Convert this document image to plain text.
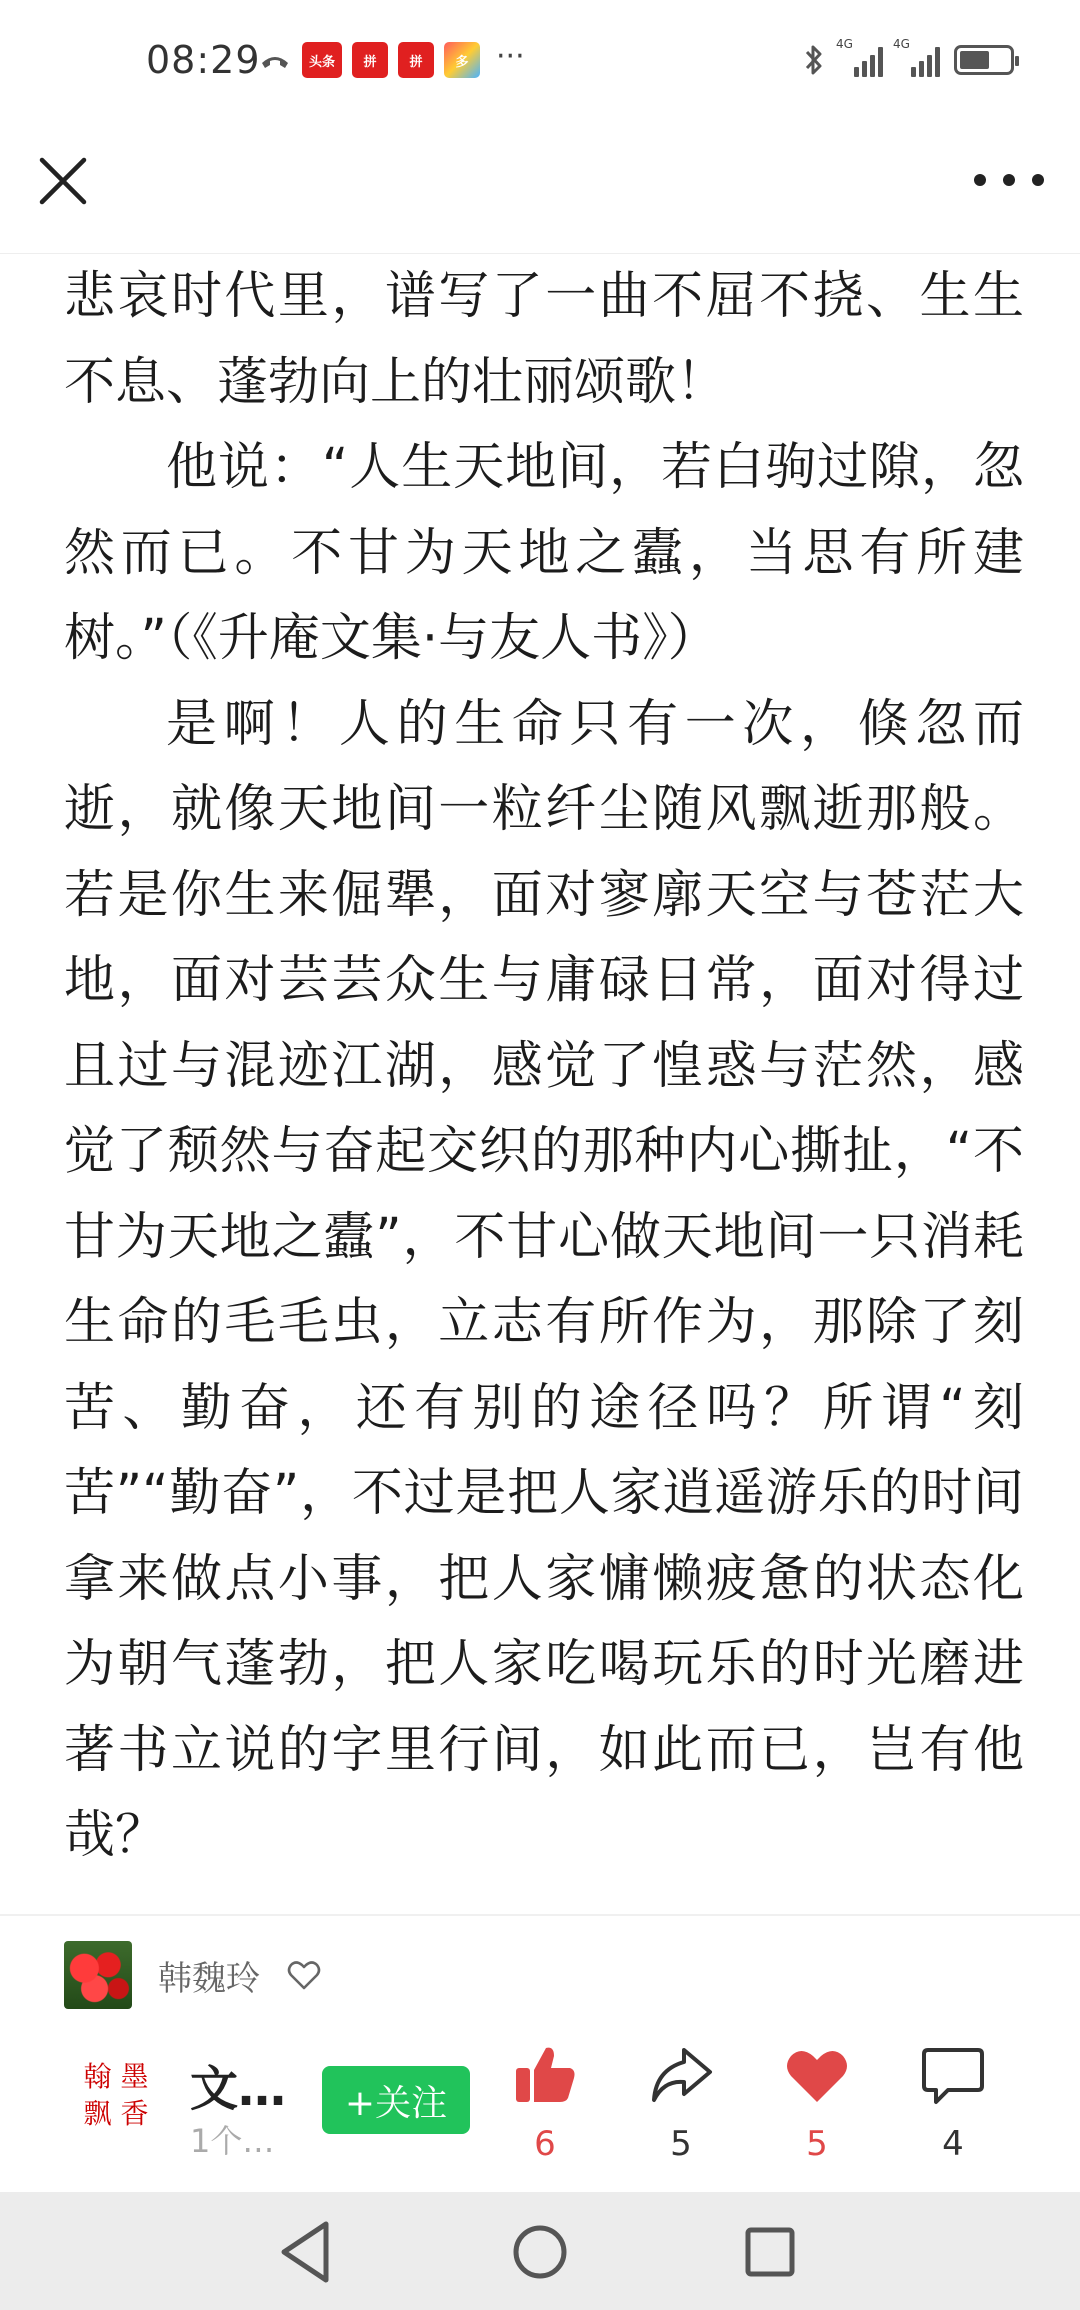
08:29	头条	拼	拼	多 ···	4G	4G

悲哀时代里，谱写了一曲不屈不挠、生生不息、蓬勃向上的壮丽颂歌！

他说：“人生天地间，若白驹过隙，忽然而已。不甘为天地之蠹，当思有所建树。”（《升庵文集·与友人书》）

是啊！人的生命只有一次，倏忽而逝，就像天地间一粒纤尘随风飘逝那般。若是你生来倔犟，面对寥廓天空与苍茫大地，面对芸芸众生与庸碌日常，面对得过且过与混迹江湖，感觉了惶惑与茫然，感觉了颓然与奋起交织的那种内心撕扯，“不甘为天地之蠹”，不甘心做天地间一只消耗生命的毛毛虫，立志有所作为，那除了刻苦、勤奋，还有别的途径吗？所谓“刻苦”“勤奋”，不过是把人家逍遥游乐的时间拿来做点小事，把人家慵懒疲惫的状态化为朝气蓬勃，把人家吃喝玩乐的时光磨进著书立说的字里行间，如此而已，岂有他哉？

韩魏玲
翰 墨
飘 香 文…
1个…
+关注
6	5	5	4
